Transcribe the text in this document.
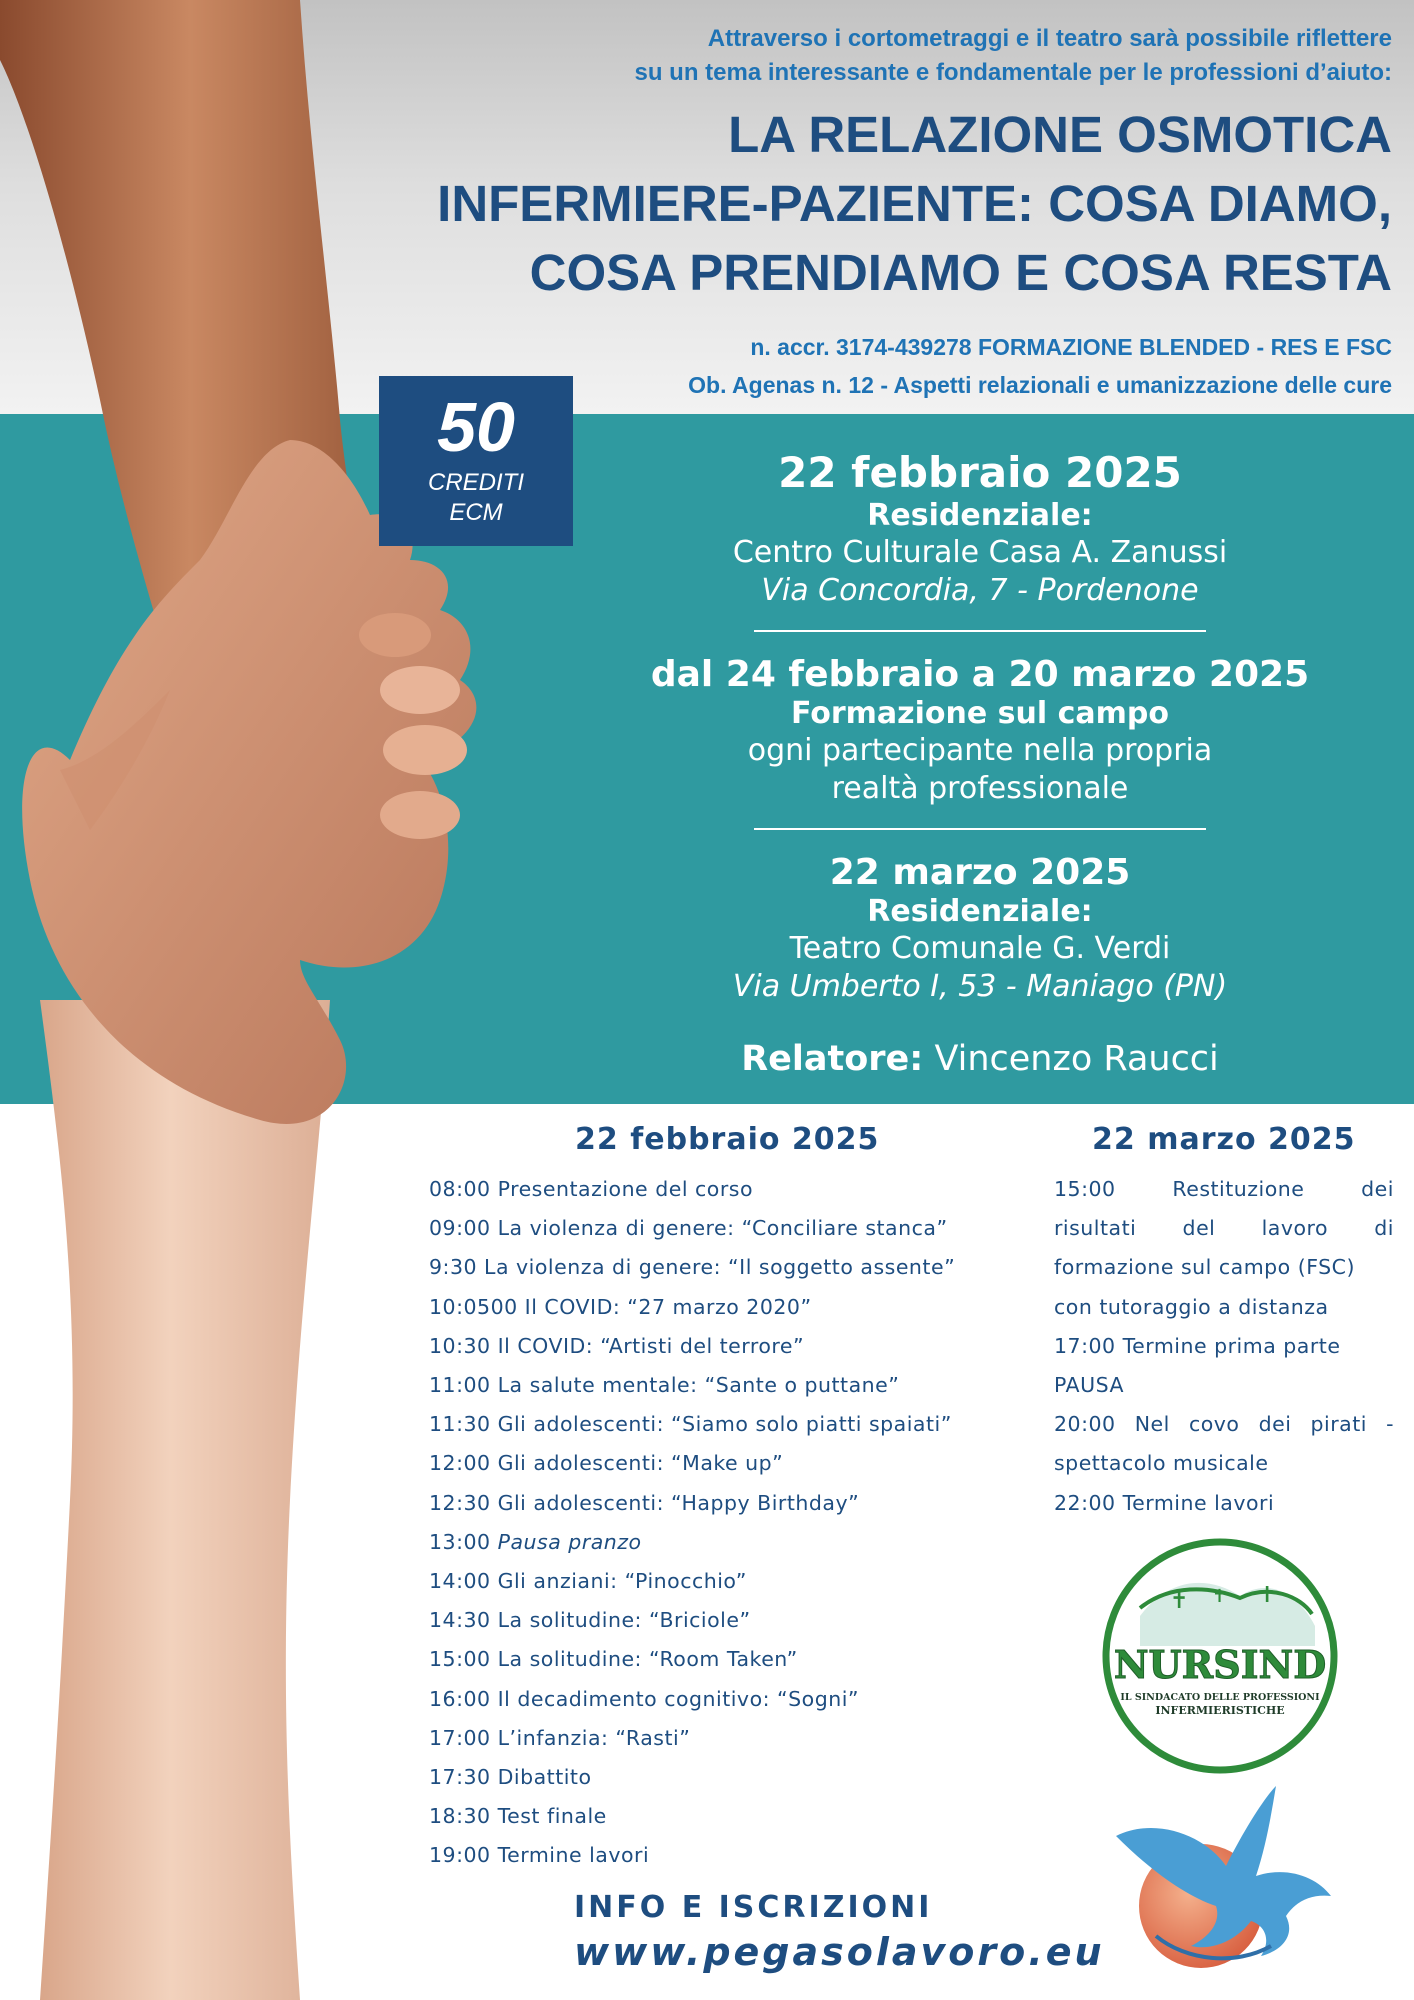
Attraverso i cortometraggi e il teatro sarà possibile riflettere
su un tema interessante e fondamentale per le professioni d’aiuto:
LA RELAZIONE OSMOTICA
INFERMIERE-PAZIENTE: COSA DIAMO,
COSA PRENDIAMO E COSA RESTA
n. accr. 3174-439278 FORMAZIONE BLENDED - RES E FSC
Ob. Agenas n. 12 - Aspetti relazionali e umanizzazione delle cure
50
CREDITI
ECM
22 febbraio 2025
Residenziale:
Centro Culturale Casa A. Zanussi
Via Concordia, 7 - Pordenone
dal 24 febbraio a 20 marzo 2025
Formazione sul campo
ogni partecipante nella propria
realtà professionale
22 marzo 2025
Residenziale:
Teatro Comunale G. Verdi
Via Umberto I, 53 - Maniago (PN)
Relatore: Vincenzo Raucci
22 febbraio 2025	22 marzo 2025
08:00 Presentazione del corso
09:00 La violenza di genere: “Conciliare stanca”
9:30 La violenza di genere: “Il soggetto assente”
10:0500 Il COVID: “27 marzo 2020”
10:30 Il COVID: “Artisti del terrore”
11:00 La salute mentale: “Sante o puttane”
11:30 Gli adolescenti: “Siamo solo piatti spaiati”
12:00 Gli adolescenti: “Make up”
12:30 Gli adolescenti: “Happy Birthday”
13:00 Pausa pranzo
14:00 Gli anziani: “Pinocchio”
14:30 La solitudine: “Briciole”
15:00 La solitudine: “Room Taken”
16:00 Il decadimento cognitivo: “Sogni”
17:00 L’infanzia: “Rasti”
17:30 Dibattito
18:30 Test finale
19:00 Termine lavori
15:00 Restituzione dei
risultati del lavoro di
formazione sul campo (FSC)
con tutoraggio a distanza
17:00 Termine prima parte
PAUSA
20:00 Nel covo dei pirati -
spettacolo musicale
22:00 Termine lavori
INFO E ISCRIZIONI
www.pegasolavoro.eu
✝ ✝ ✝
NURSIND
IL SINDACATO DELLE PROFESSIONI
INFERMIERISTICHE
